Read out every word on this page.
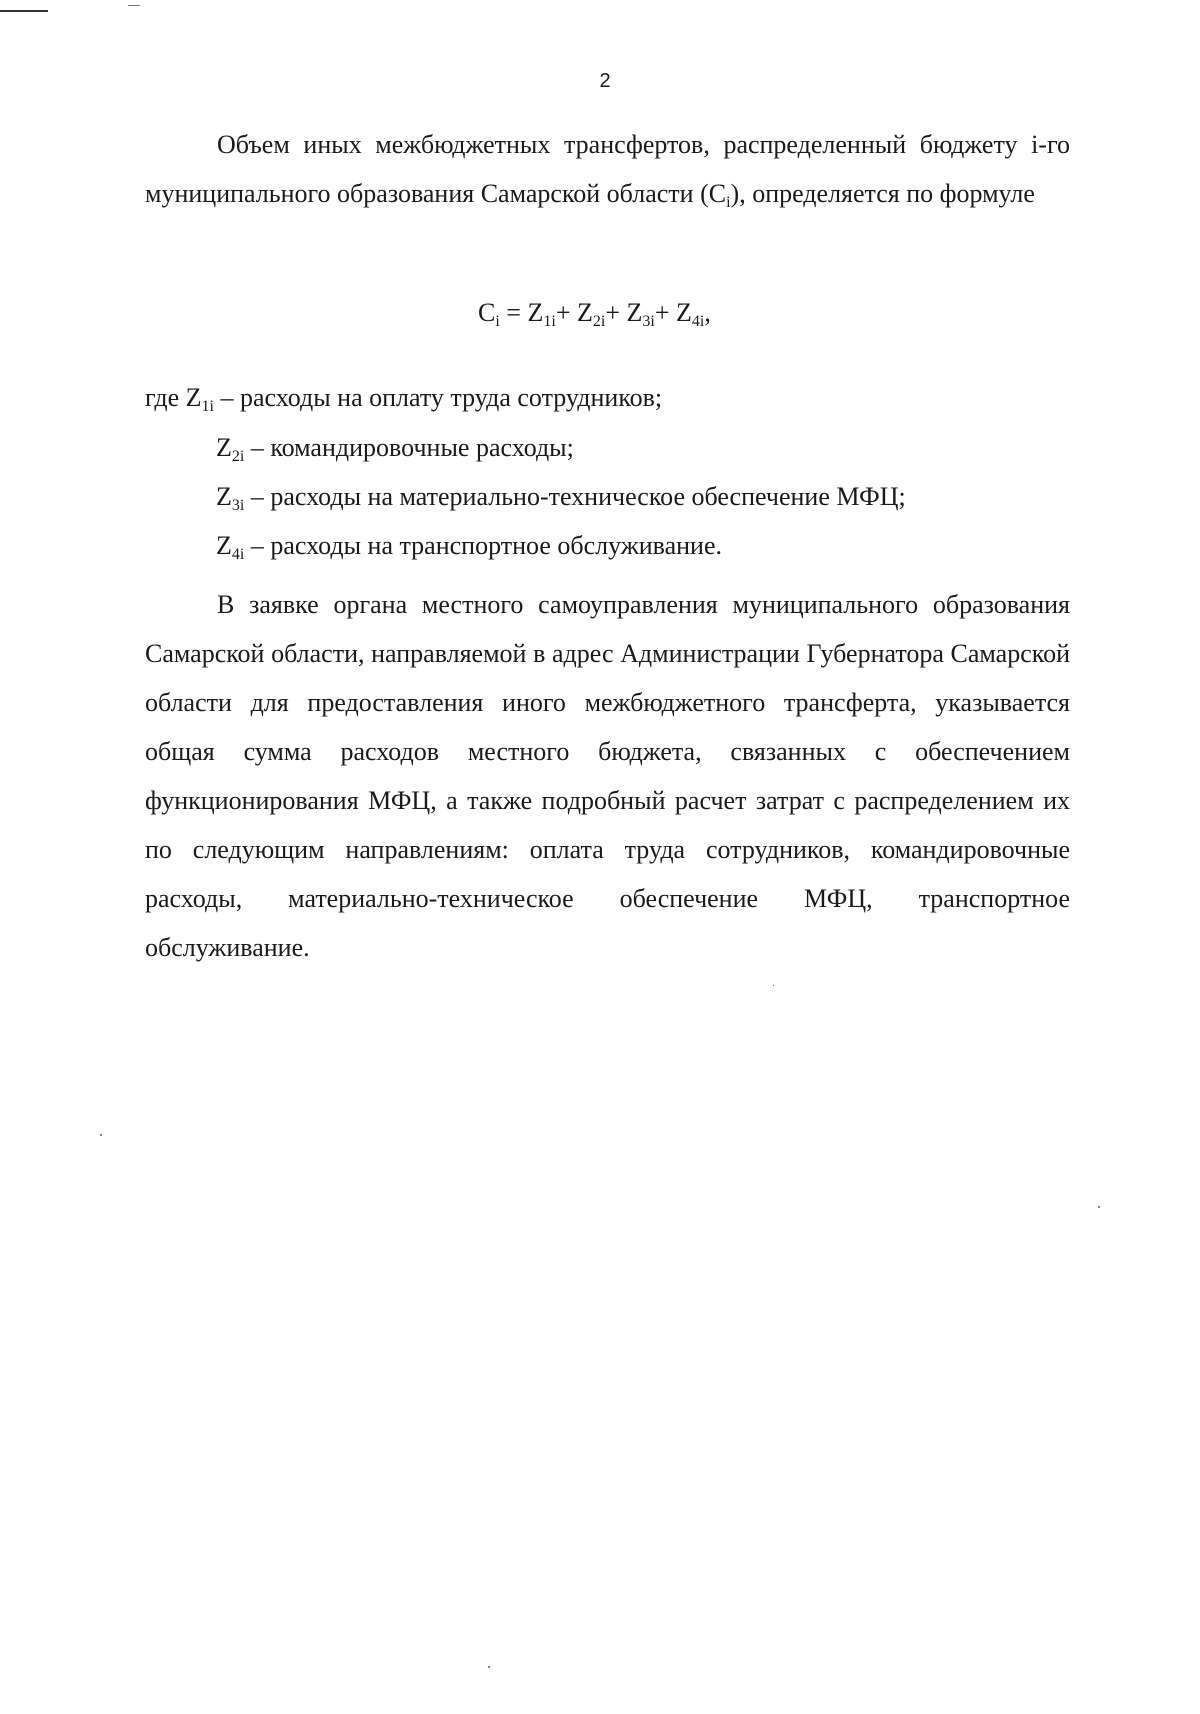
2
Объем иных межбюджетных трансфертов, распределенный бюджету i-го муниципального образования Самарской области $(C_i)$, определяется по формуле
$C_i = Z_{1i}+ Z_{2i}+ Z_{3i}+ Z_{4i}$,
где $Z_{1i}$ – расходы на оплату труда сотрудников;
$Z_{2i}$ – командировочные расходы;
$Z_{3i}$ – расходы на материально-техническое обеспечение МФЦ;
$Z_{4i}$ – расходы на транспортное обслуживание.
В заявке органа местного самоуправления муниципального образования Самарской области, направляемой в адрес Администрации Губернатора Самарской области для предоставления иного межбюджетного трансферта, указывается общая сумма расходов местного бюджета, связанных с обеспечением функционирования МФЦ, а также подробный расчет затрат с распределением их по следующим направлениям: оплата труда сотрудников, командировочные расходы, материально-техническое обеспечение МФЦ, транспортное обслуживание.
